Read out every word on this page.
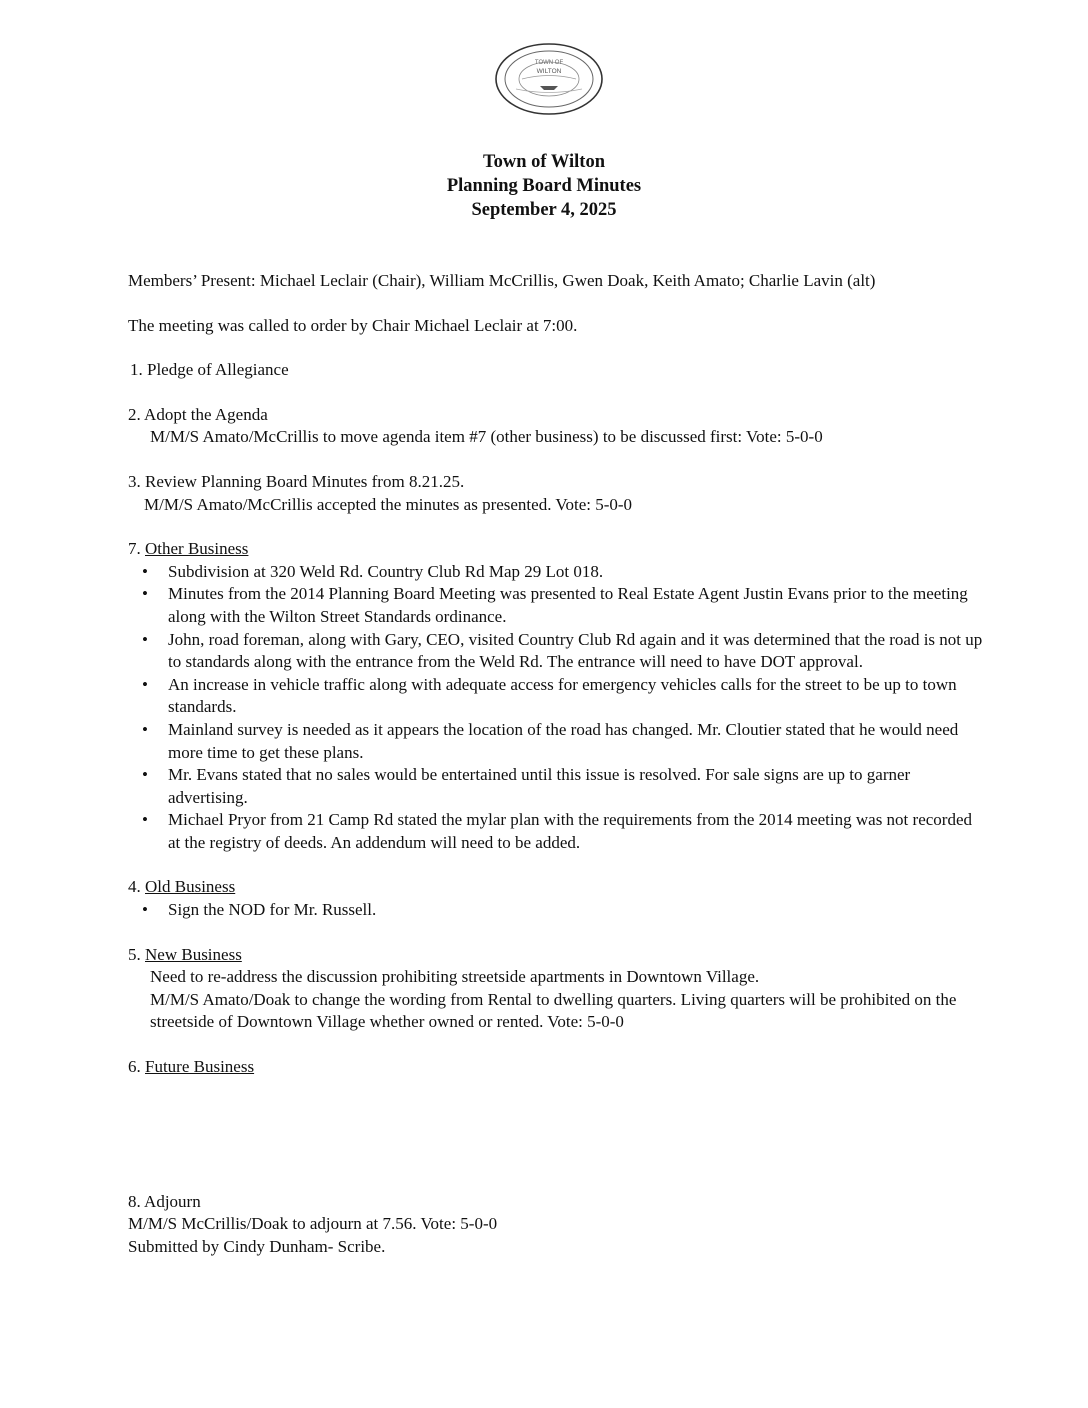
TOWN OF
WILTON
Town of Wilton
Planning Board Minutes
September 4, 2025

Members’ Present: Michael Leclair (Chair), William McCrillis, Gwen Doak, Keith Amato; Charlie Lavin (alt)

The meeting was called to order by Chair Michael Leclair at 7:00.

1. Pledge of Allegiance

2. Adopt the Agenda

M/M/S Amato/McCrillis to move agenda item #7 (other business) to be discussed first: Vote: 5-0-0

3. Review Planning Board Minutes from 8.21.25.

M/M/S Amato/McCrillis accepted the minutes as presented. Vote: 5-0-0

7. Other Business

• Subdivision at 320 Weld Rd. Country Club Rd Map 29 Lot 018.
• Minutes from the 2014 Planning Board Meeting was presented to Real Estate Agent Justin Evans prior to the meeting along with the Wilton Street Standards ordinance.
• John, road foreman, along with Gary, CEO, visited Country Club Rd again and it was determined that the road is not up to standards along with the entrance from the Weld Rd. The entrance will need to have DOT approval.
• An increase in vehicle traffic along with adequate access for emergency vehicles calls for the street to be up to town standards.
• Mainland survey is needed as it appears the location of the road has changed. Mr. Cloutier stated that he would need more time to get these plans.
• Mr. Evans stated that no sales would be entertained until this issue is resolved. For sale signs are up to garner advertising.
• Michael Pryor from 21 Camp Rd stated the mylar plan with the requirements from the 2014 meeting was not recorded at the registry of deeds. An addendum will need to be added.

4. Old Business

• Sign the NOD for Mr. Russell.

5. New Business

Need to re-address the discussion prohibiting streetside apartments in Downtown Village.

M/M/S Amato/Doak to change the wording from Rental to dwelling quarters. Living quarters will be prohibited on the streetside of Downtown Village whether owned or rented. Vote: 5-0-0

6. Future Business

8. Adjourn

M/M/S McCrillis/Doak to adjourn at 7.56. Vote: 5-0-0

Submitted by Cindy Dunham- Scribe.
